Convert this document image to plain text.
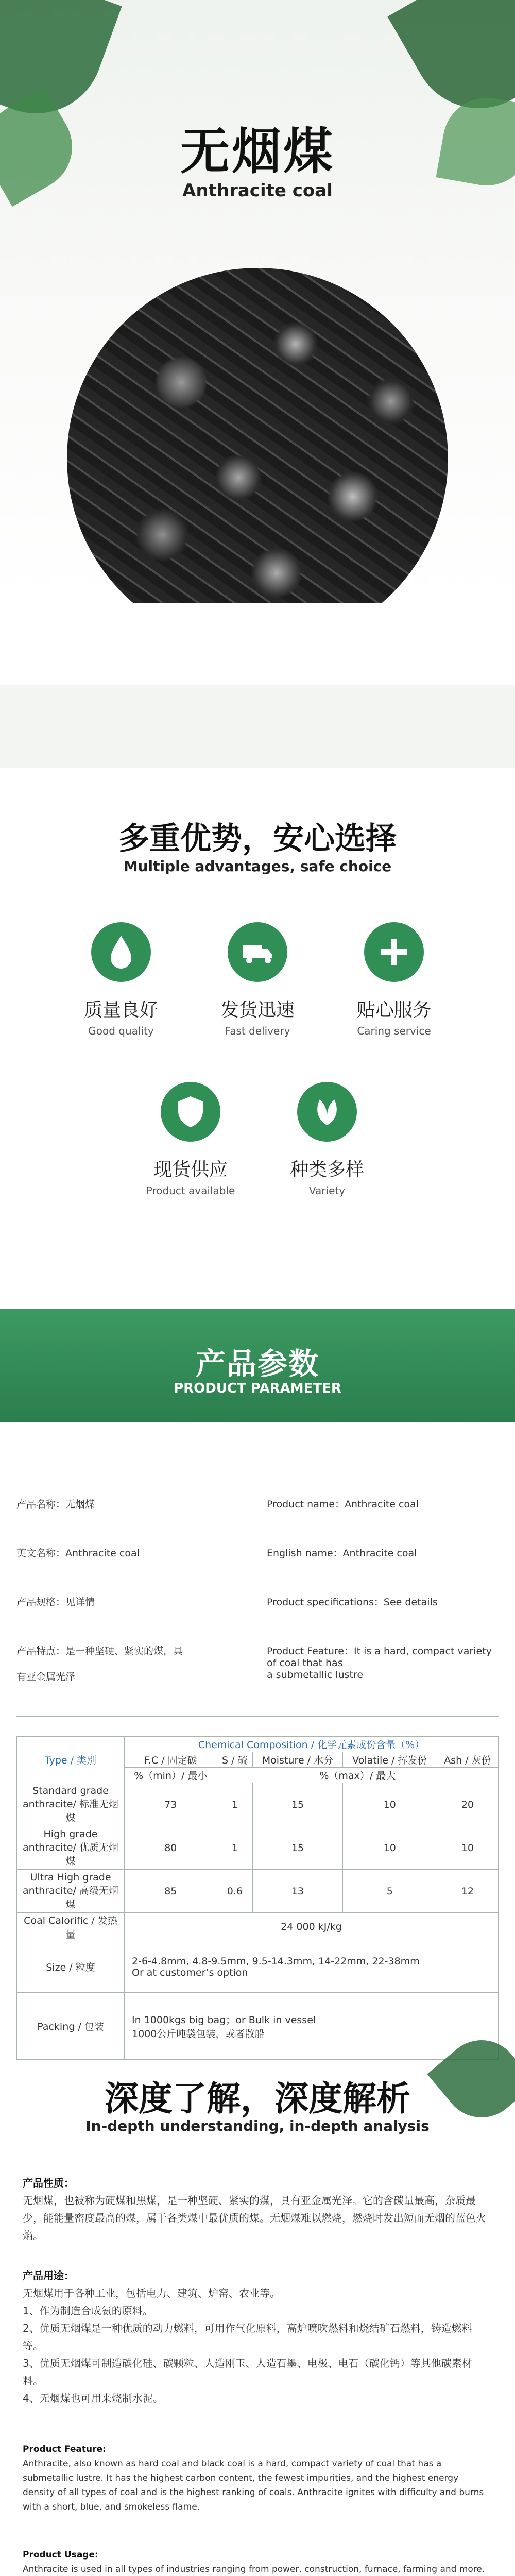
无烟煤
Anthracite coal
多重优势，安心选择
Multiple advantages, safe choice
质量良好
Good quality
发货迅速
Fast delivery
贴心服务
Caring service
现货供应
Product available
种类多样
Variety
产品参数
PRODUCT PARAMETER
产品名称：无烟煤	Product name：Anthracite coal
英文名称：Anthracite coal	English name：Anthracite coal
产品规格：见详情	Product specifications：See details
产品特点：是一种坚硬、紧实的煤，具	Product Feature：It is a hard, compact variety of coal that has
有亚金属光泽	a submetallic lustre
Type / 类别	Chemical Composition / 化学元素成份含量（%）				
	F.C / 固定碳	S / 硫	Moisture / 水分	Volatile / 挥发份	Ash / 灰份
	%（min）/ 最小	%（max）/ 最大			
Standard grade anthracite/ 标准无烟煤	73	1	15	10	20
High grade anthracite/ 优质无烟煤	80	1	15	10	10
Ultra High grade anthracite/ 高级无烟煤	85	0.6	13	5	12
Coal Calorific / 发热量	24 000 kJ/kg				
Size / 粒度	2-6-4.8mm, 4.8-9.5mm, 9.5-14.3mm, 14-22mm, 22-38mm
Or at customer’s option				

Packing / 包装	In 1000kgs big bag；or Bulk in vessel
1000公斤吨袋包装，或者散船				
深度了解，深度解析
In-depth understanding, in-depth analysis
产品性质：
无烟煤，也被称为硬煤和黑煤，是一种坚硬、紧实的煤，具有亚金属光泽。它的含碳量最高，杂质最少，能能量密度最高的煤，属于各类煤中最优质的煤。无烟煤难以燃烧，燃烧时发出短而无烟的蓝色火焰。
产品用途：
无烟煤用于各种工业，包括电力、建筑、炉窑、农业等。
1、作为制造合成氨的原料。
2、优质无烟煤是一种优质的动力燃料，可用作气化原料，高炉喷吹燃料和烧结矿石燃料，铸造燃料等。
3、优质无烟煤可制造碳化硅、碳颗粒、人造刚玉、人造石墨、电极、电石（碳化钙）等其他碳素材料。
4、无烟煤也可用来烧制水泥。
Product Feature:
Anthracite, also known as hard coal and black coal is a hard, compact variety of coal that has a submetallic lustre. It has the highest carbon content, the fewest impurities, and the highest energy density of all types of coal and is the highest ranking of coals. Anthracite ignites with difficulty and burns with a short, blue, and smokeless flame.
Product Usage:
Anthracite is used in all types of industries ranging from power, construction, furnace, farming and more.
